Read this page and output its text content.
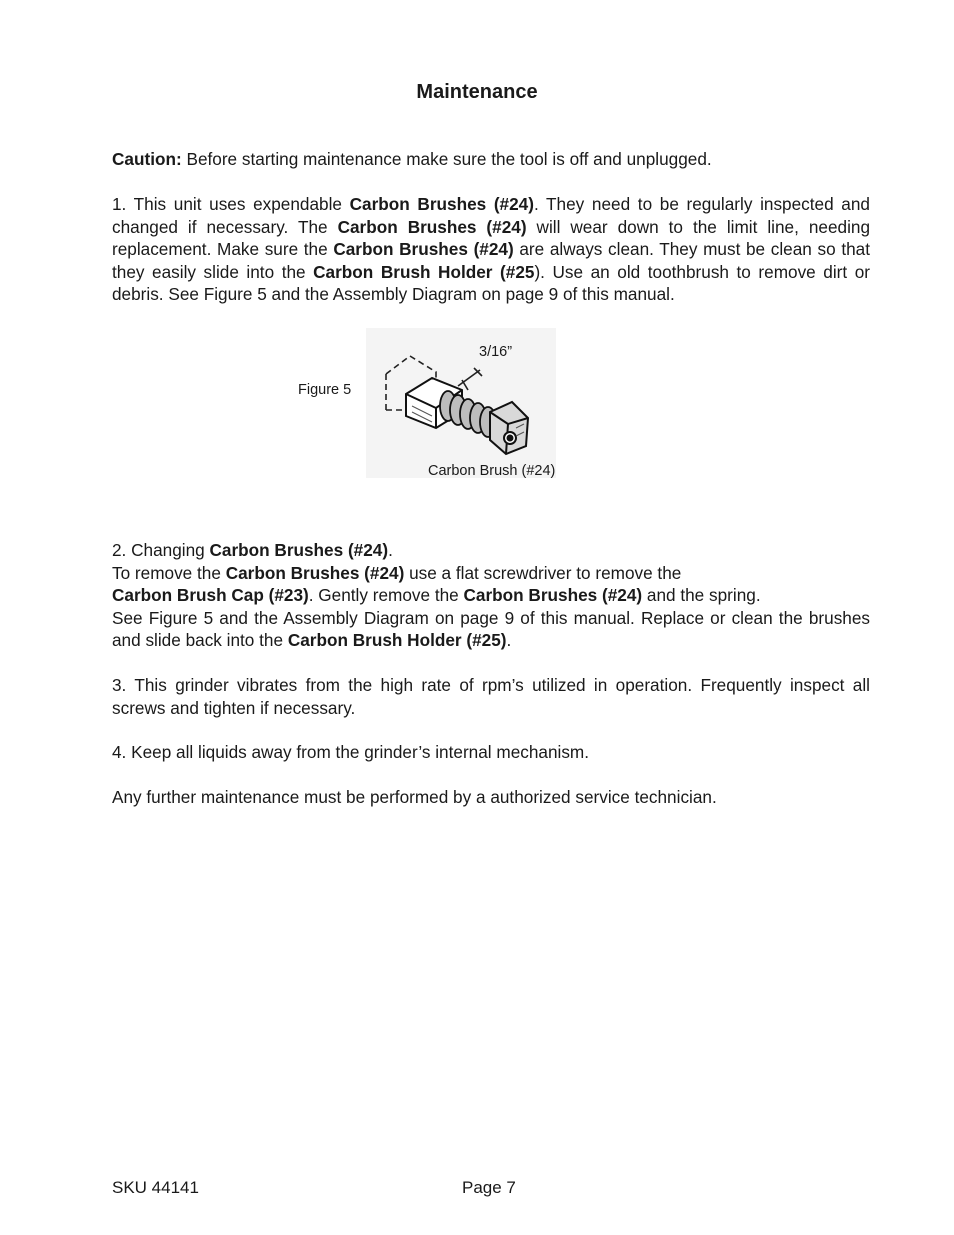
Maintenance
Caution: Before starting maintenance make sure the tool is off and unplugged.
1. This unit uses expendable Carbon Brushes (#24). They need to be regularly inspected and changed if necessary. The Carbon Brushes (#24) will wear down to the limit line, needing replacement. Make sure the Carbon Brushes (#24) are always clean. They must be clean so that they easily slide into the Carbon Brush Holder (#25). Use an old toothbrush to remove dirt or debris. See Figure 5 and the Assembly Diagram on page 9 of this manual.
Figure 5
3/16”
Carbon Brush (#24)
2. Changing Carbon Brushes (#24).
To remove the Carbon Brushes (#24) use a flat screwdriver to remove the
Carbon Brush Cap (#23). Gently remove the Carbon Brushes (#24) and the spring.
See Figure 5 and the Assembly Diagram on page 9 of this manual. Replace or clean the brushes and slide back into the Carbon Brush Holder (#25).
3. This grinder vibrates from the high rate of rpm’s utilized in operation. Frequently inspect all screws and tighten if necessary.
4. Keep all liquids away from the grinder’s internal mechanism.
Any further maintenance must be performed by a authorized service technician.
SKU 44141	Page 7
